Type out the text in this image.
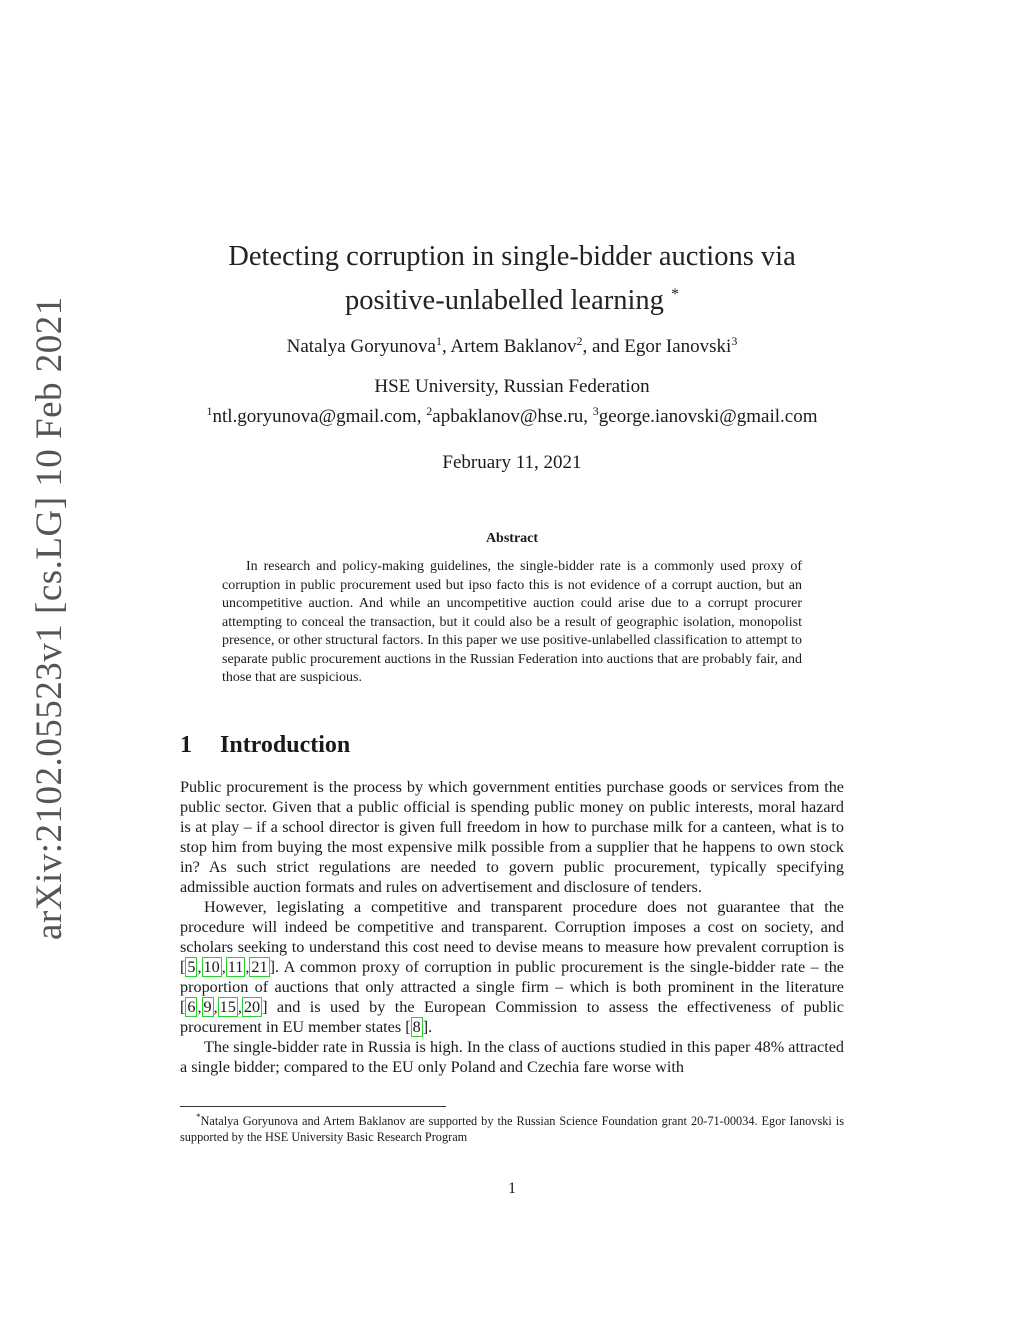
arXiv:2102.05523v1 [cs.LG] 10 Feb 2021
Detecting corruption in single-bidder auctions via
positive-unlabelled learning *
Natalya Goryunova$^1$, Artem Baklanov$^2$, and Egor Ianovski$^3$
HSE University, Russian Federation
$^1$ntl.goryunova@gmail.com, $^2$apbaklanov@hse.ru, $^3$george.ianovski@gmail.com
February 11, 2021
Abstract
In research and policy-making guidelines, the single-bidder rate is a commonly used proxy of corruption in public procurement used but ipso facto this is not evidence of a corrupt auction, but an uncompetitive auction. And while an uncompetitive auction could arise due to a corrupt procurer attempting to conceal the transaction, but it could also be a result of geographic isolation, monopolist presence, or other structural factors. In this paper we use positive-unlabelled classification to attempt to separate public procurement auctions in the Russian Federation into auctions that are probably fair, and those that are suspicious.
1 Introduction

Public procurement is the process by which government entities purchase goods or services from the public sector. Given that a public official is spending public money on public interests, moral hazard is at play – if a school director is given full freedom in how to purchase milk for a canteen, what is to stop him from buying the most expensive milk possible from a supplier that he happens to own stock in? As such strict regulations are needed to govern public procurement, typically specifying admissible auction formats and rules on advertisement and disclosure of tenders.

However, legislating a competitive and transparent procedure does not guarantee that the procedure will indeed be competitive and transparent. Corruption imposes a cost on society, and scholars seeking to understand this cost need to devise means to measure how prevalent corruption is [ 5 , 10 , 11 , 21 ]. A common proxy of corruption in public procurement is the single-bidder rate – the proportion of auctions that only attracted a single firm – which is both prominent in the literature [ 6 , 9 , 15 , 20 ] and is used by the European Commission to assess the effectiveness of public procurement in EU member states [ 8 ].

The single-bidder rate in Russia is high. In the class of auctions studied in this paper 48% attracted a single bidder; compared to the EU only Poland and Czechia fare worse with

*Natalya Goryunova and Artem Baklanov are supported by the Russian Science Foundation grant 20-71-00034. Egor Ianovski is supported by the HSE University Basic Research Program
1
